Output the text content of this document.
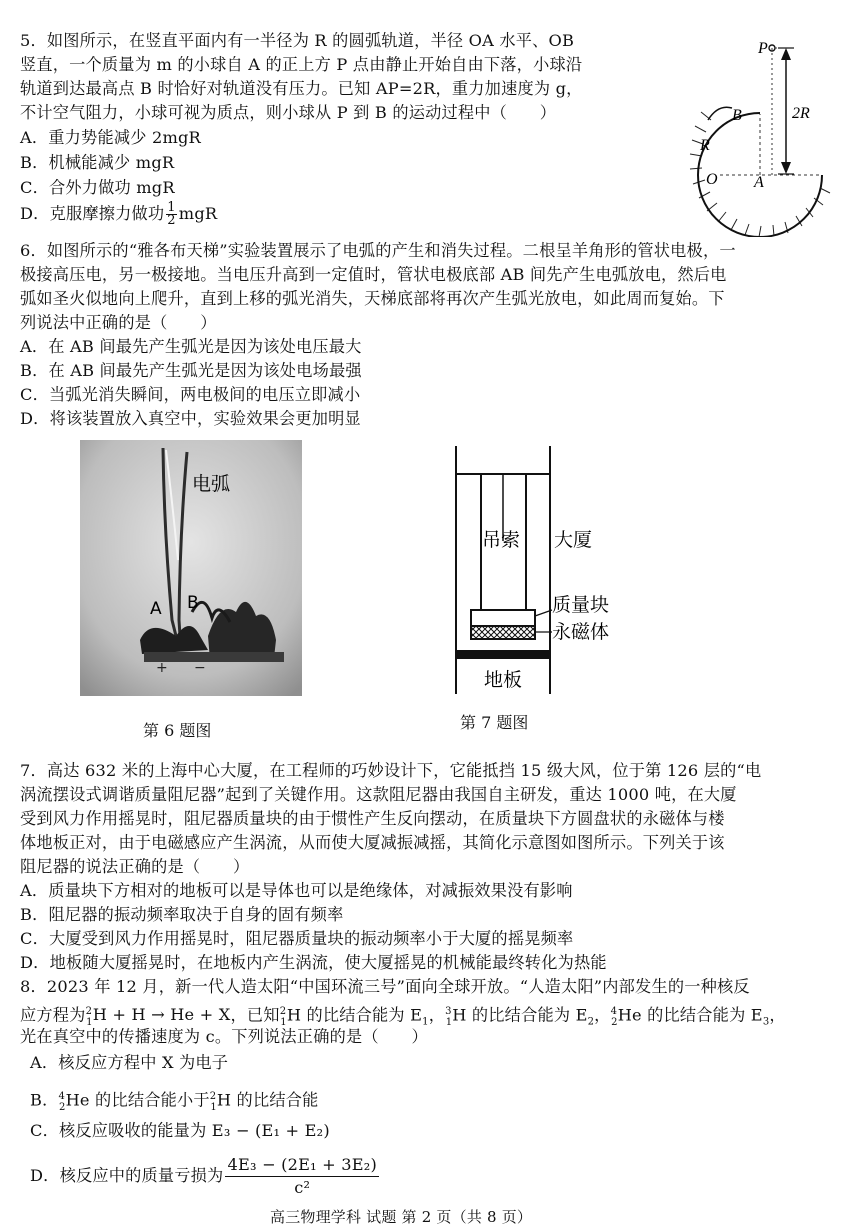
5．如图所示，在竖直平面内有一半径为 R 的圆弧轨道，半径 OA 水平、OB
竖直，一个质量为 m 的小球自 A 的正上方 P 点由静止开始自由下落，小球沿
轨道到达最高点 B 时恰好对轨道没有压力。已知 AP=2R，重力加速度为 g，
不计空气阻力，小球可视为质点，则小球从 P 到 B 的运动过程中（　　）
A．重力势能减少 2mgR
B．机械能减少 mgR
C．合外力做功 mgR
D．克服摩擦力做功 $\frac{1}{2}$ mgR
P
B
R
O A
2R
6．如图所示的“雅各布天梯”实验装置展示了电弧的产生和消失过程。二根呈羊角形的管状电极，一
极接高压电，另一极接地。当电压升高到一定值时，管状电极底部 AB 间先产生电弧放电，然后电
弧如圣火似地向上爬升，直到上移的弧光消失，天梯底部将再次产生弧光放电，如此周而复始。下
列说法中正确的是（　　）
A．在 AB 间最先产生弧光是因为该处电压最大
B．在 AB 间最先产生弧光是因为该处电场最强
C．当弧光消失瞬间，两电极间的电压立即减小
D．将该装置放入真空中，实验效果会更加明显
电弧
A B
+ −
第 6 题图
吊索 大厦
质量块
永磁体
地板
第 7 题图
7．高达 632 米的上海中心大厦，在工程师的巧妙设计下，它能抵挡 15 级大风，位于第 126 层的“电
涡流摆设式调谐质量阻尼器”起到了关键作用。这款阻尼器由我国自主研发，重达 1000 吨，在大厦
受到风力作用摇晃时，阻尼器质量块的由于惯性产生反向摆动，在质量块下方圆盘状的永磁体与楼
体地板正对，由于电磁感应产生涡流，从而使大厦减振减摇，其简化示意图如图所示。下列关于该
阻尼器的说法正确的是（　　）
A．质量块下方相对的地板可以是导体也可以是绝缘体，对减振效果没有影响
B．阻尼器的振动频率取决于自身的固有频率
C．大厦受到风力作用摇晃时，阻尼器质量块的振动频率小于大厦的摇晃频率
D．地板随大厦摇晃时，在地板内产生涡流，使大厦摇晃的机械能最终转化为热能
8．2023 年 12 月，新一代人造太阳“中国环流三号”面向全球开放。“人造太阳”内部发生的一种核反
应方程为$^2_1$H + H → He + X，已知$^2_1$H 的比结合能为 $E_1$，$^3_1$H 的比结合能为 $E_2$，$^4_2$He 的比结合能为 $E_3$，
光在真空中的传播速度为 c。下列说法正确的是（　　）
A．核反应方程中 X 为电子
B．$^4_2$He 的比结合能小于$^2_1$H 的比结合能
C．核反应吸收的能量为 E₃ − (E₁ + E₂)
D．核反应中的质量亏损为 $\frac{\text{4E₃ − (2E₁ + 3E₂)}}{\text{c²}}$
高三物理学科 试题 第 2 页（共 8 页）
